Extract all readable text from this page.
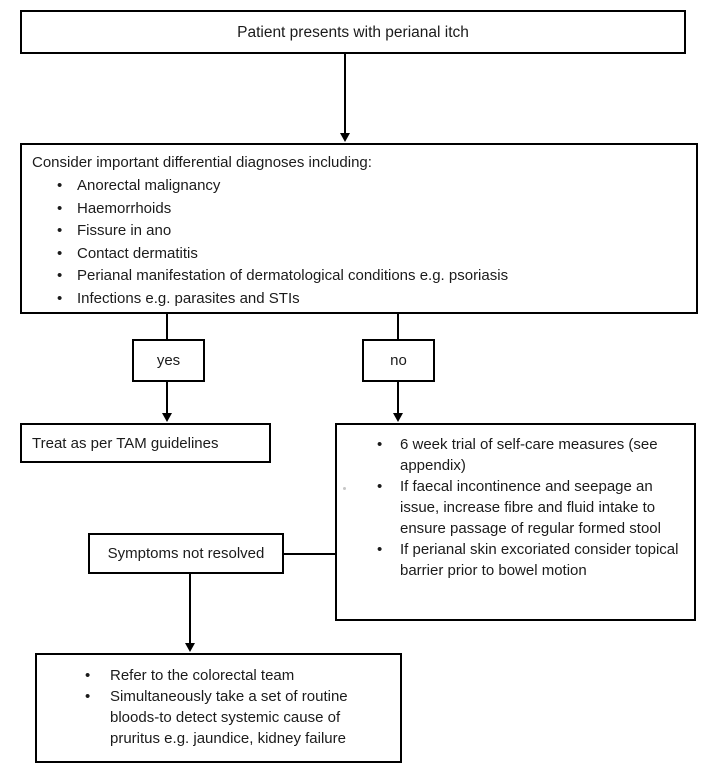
Patient presents with perianal itch
Consider important differential diagnoses including:
• Anorectal malignancy
• Haemorrhoids
• Fissure in ano
• Contact dermatitis
• Perianal manifestation of dermatological conditions e.g. psoriasis
• Infections e.g. parasites and STIs
yes	no
Treat as per TAM guidelines	•	6 week trial of self-care measures (see appendix)
•	If faecal incontinence and seepage an issue, increase fibre and fluid intake to ensure passage of regular formed stool
•	If perianal skin excoriated consider topical barrier prior to bowel motion
Symptoms not resolved
•	Refer to the colorectal team
•	Simultaneously take a set of routine bloods-to detect systemic cause of pruritus e.g. jaundice, kidney failure
